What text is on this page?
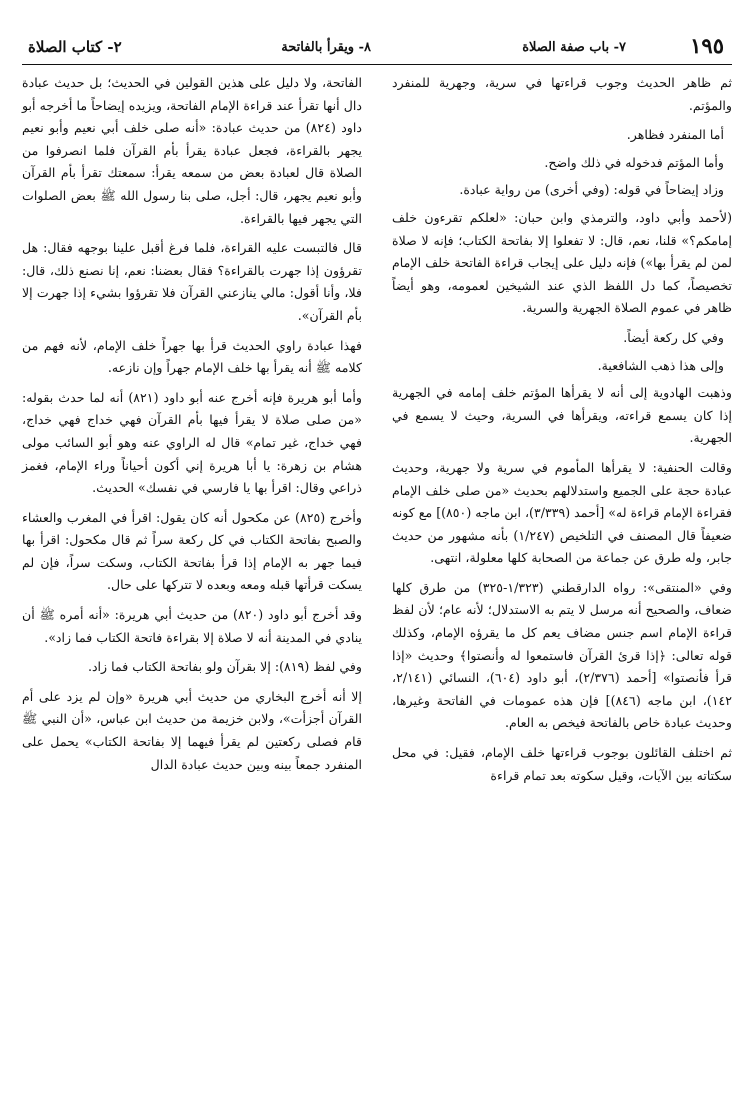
١٩٥
٧- باب صفة الصلاة
٨- ويقرأ بالفاتحة
٢- كتاب الصلاة

ثم ظاهر الحديث وجوب قراءتها في سرية، وجهرية للمنفرد والمؤتم.

أما المنفرد فظاهر.

وأما المؤتم فدخوله في ذلك واضح.

وزاد إيضاحاً في قوله: (وفي أخرى) من رواية عبادة.

(لأحمد وأبي داود، والترمذي وابن حبان: «لعلكم تقرءون خلف إمامكم؟» قلنا، نعم، قال: لا تفعلوا إلا بفاتحة الكتاب؛ فإنه لا صلاة لمن لم يقرأ بها») فإنه دليل على إيجاب قراءة الفاتحة خلف الإمام تخصيصاً، كما دل اللفظ الذي عند الشيخين لعمومه، وهو أيضاً ظاهر في عموم الصلاة الجهرية والسرية.

وفي كل ركعة أيضاً.

وإلى هذا ذهب الشافعية.

وذهبت الهادوية إلى أنه لا يقرأها المؤتم خلف إمامه في الجهرية إذا كان يسمع قراءته، ويقرأها في السرية، وحيث لا يسمع في الجهرية.

وقالت الحنفية: لا يقرأها المأموم في سرية ولا جهرية، وحديث عبادة حجة على الجميع واستدلالهم بحديث «من صلى خلف الإمام فقراءة الإمام قراءة له» [أحمد (٣/٣٣٩)، ابن ماجه (٨٥٠)] مع كونه ضعيفاً قال المصنف في التلخيص (١/٢٤٧) بأنه مشهور من حديث جابر، وله طرق عن جماعة من الصحابة كلها معلولة، انتهى.

وفي «المنتقى»: رواه الدارقطني (١/٣٢٣-٣٢٥) من طرق كلها ضعاف، والصحيح أنه مرسل لا يتم به الاستدلال؛ لأنه عام؛ لأن لفظ قراءة الإمام اسم جنس مضاف يعم كل ما يقرؤه الإمام، وكذلك قوله تعالى: ﴿إذا قرئ القرآن فاستمعوا له وأنصتوا﴾ وحديث «إذا قرأ فأنصتوا» [أحمد (٢/٣٧٦)، أبو داود (٦٠٤)، النسائي (٢/١٤١، ١٤٢)، ابن ماجه (٨٤٦)] فإن هذه عمومات في الفاتحة وغيرها، وحديث عبادة خاص بالفاتحة فيخص به العام.

ثم اختلف القائلون بوجوب قراءتها خلف الإمام، فقيل: في محل سكتاته بين الآيات، وقيل سكوته بعد تمام قراءة

الفاتحة، ولا دليل على هذين القولين في الحديث؛ بل حديث عبادة دال أنها تقرأ عند قراءة الإمام الفاتحة، ويزيده إيضاحاً ما أخرجه أبو داود (٨٢٤) من حديث عبادة: «أنه صلى خلف أبي نعيم وأبو نعيم يجهر بالقراءة، فجعل عبادة يقرأ بأم القرآن فلما انصرفوا من الصلاة قال لعبادة بعض من سمعه يقرأ: سمعتك تقرأ بأم القرآن وأبو نعيم يجهر، قال: أجل، صلى بنا رسول الله ﷺ بعض الصلوات التي يجهر فيها بالقراءة.

قال فالتبست عليه القراءة، فلما فرغ أقبل علينا بوجهه فقال: هل تقرؤون إذا جهرت بالقراءة؟ فقال بعضنا: نعم، إنا نصنع ذلك، قال: فلا، وأنا أقول: مالي ينازعني القرآن فلا تقرؤوا بشيء إذا جهرت إلا بأم القرآن».

فهذا عبادة راوي الحديث قرأ بها جهراً خلف الإمام، لأنه فهم من كلامه ﷺ أنه يقرأ بها خلف الإمام جهراً وإن نازعه.

وأما أبو هريرة فإنه أخرج عنه أبو داود (٨٢١) أنه لما حدث بقوله: «من صلى صلاة لا يقرأ فيها بأم القرآن فهي خداج فهي خداج، فهي خداج، غير تمام» قال له الراوي عنه وهو أبو السائب مولى هشام بن زهرة: يا أبا هريرة إني أكون أحياناً وراء الإمام، فغمز ذراعي وقال: اقرأ بها يا فارسي في نفسك» الحديث.

وأخرج (٨٢٥) عن مكحول أنه كان يقول: اقرأ في المغرب والعشاء والصبح بفاتحة الكتاب في كل ركعة سراً ثم قال مكحول: اقرأ بها فيما جهر به الإمام إذا قرأ بفاتحة الكتاب، وسكت سراً، فإن لم يسكت قرأتها قبله ومعه وبعده لا تتركها على حال.

وقد أخرج أبو داود (٨٢٠) من حديث أبي هريرة: «أنه أمره ﷺ أن ينادي في المدينة أنه لا صلاة إلا بقراءة فاتحة الكتاب فما زاد».

وفي لفظ (٨١٩): إلا بقرآن ولو بفاتحة الكتاب فما زاد.

إلا أنه أخرج البخاري من حديث أبي هريرة «وإن لم يزد على أم القرآن أجزأت»، ولابن خزيمة من حديث ابن عباس، «أن النبي ﷺ قام فصلى ركعتين لم يقرأ فيهما إلا بفاتحة الكتاب» يحمل على المنفرد جمعاً بينه وبين حديث عبادة الدال
